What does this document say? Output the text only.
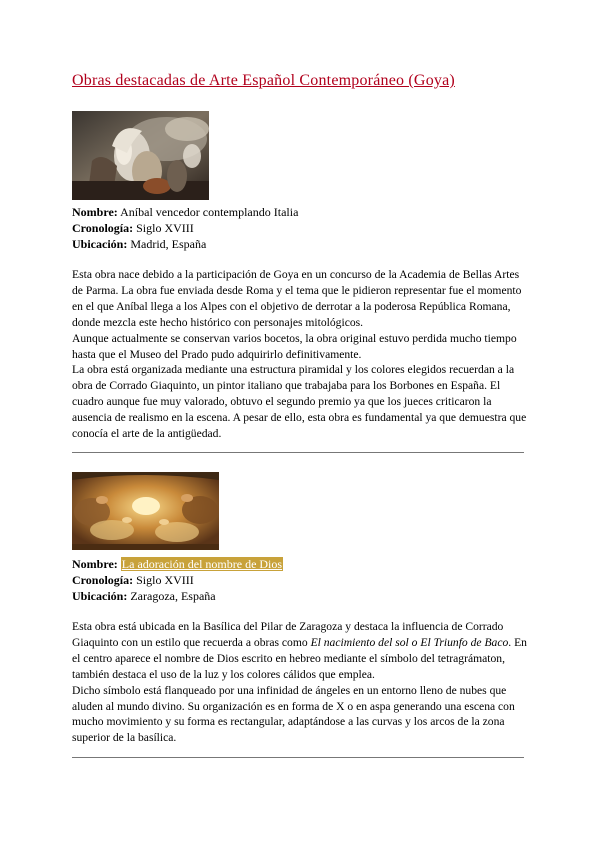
Obras destacadas de Arte Español Contemporáneo (Goya)
Nombre: Aníbal vencedor contemplando Italia
Cronología: Siglo XVIII
Ubicación: Madrid, España

Esta obra nace debido a la participación de Goya en un concurso de la Academia de Bellas Artes de Parma. La obra fue enviada desde Roma y el tema que le pidieron representar fue el momento en el que Aníbal llega a los Alpes con el objetivo de derrotar a la poderosa República Romana, donde mezcla este hecho histórico con personajes mitológicos.

Aunque actualmente se conservan varios bocetos, la obra original estuvo perdida mucho tiempo hasta que el Museo del Prado pudo adquirirlo definitivamente.

La obra está organizada mediante una estructura piramidal y los colores elegidos recuerdan a la obra de Corrado Giaquinto, un pintor italiano que trabajaba para los Borbones en España. El cuadro aunque fue muy valorado, obtuvo el segundo premio ya que los jueces criticaron la ausencia de realismo en la escena. A pesar de ello, esta obra es fundamental ya que demuestra que conocía el arte de la antigüedad.

Nombre: La adoración del nombre de Dios
Cronología: Siglo XVIII
Ubicación: Zaragoza, España

Esta obra está ubicada en la Basílica del Pilar de Zaragoza y destaca la influencia de Corrado Giaquinto con un estilo que recuerda a obras como El nacimiento del sol o El Triunfo de Baco. En el centro aparece el nombre de Dios escrito en hebreo mediante el símbolo del tetragrámaton, también destaca el uso de la luz y los colores cálidos que emplea.

Dicho símbolo está flanqueado por una infinidad de ángeles en un entorno lleno de nubes que aluden al mundo divino. Su organización es en forma de X o en aspa generando una escena con mucho movimiento y su forma es rectangular, adaptándose a las curvas y los arcos de la zona superior de la basílica.
